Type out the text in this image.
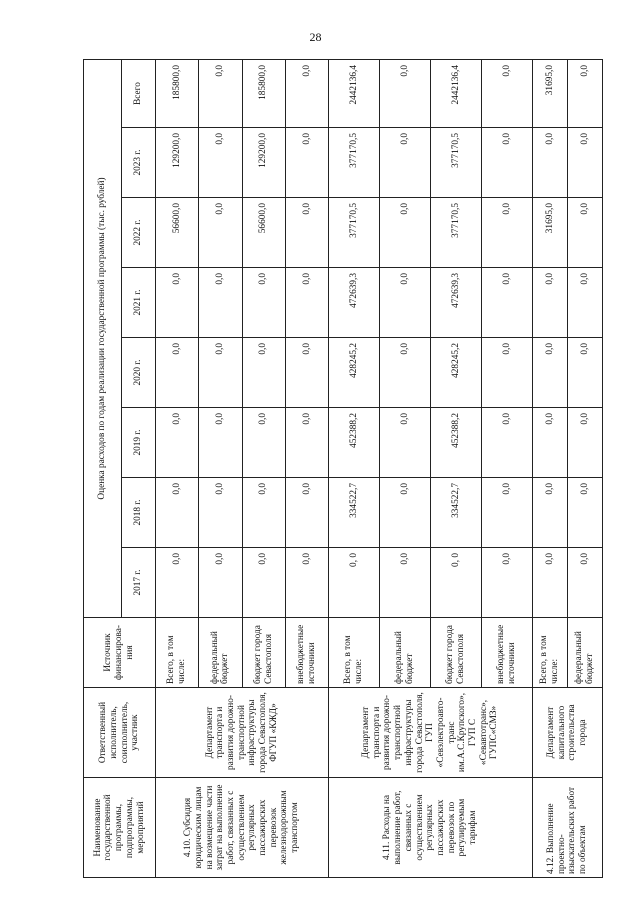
28
Наименование государственной программы, подпрограммы, мероприятий	Ответственный исполнитель, соисполнитель, участник	Источник финансирова-ния	Оценка расходов по годам реализации государственной программы (тыс. рублей)							
			2017 г.	2018 г.	2019 г.	2020 г.	2021 г.	2022 г.	2023 г.	Всего
4.10. Субсидия юридическим лицам на возмещение части затрат на выполнение работ, связанных с осуществлением регулярных пассажирских перевозок железнодорожным транспортом	Департамент транспорта и развития дорожно-транспортной инфраструктуры города Севастополя, ФГУП «КЖД»	Всего, в том числе:	0,0	0,0	0,0	0,0	0,0	56600,0	129200,0	185800,0
		федеральный бюджет	0,0	0,0	0,0	0,0	0,0	0,0	0,0	0,0
		бюджет города Севастополя	0,0	0,0	0,0	0,0	0,0	56600,0	129200,0	185800,0
		внебюджетные источники	0,0	0,0	0,0	0,0	0,0	0,0	0,0	0,0
4.11. Расходы на выполнение работ, связанных с осуществлением регулярных пассажирских перевозок по регулируемым тарифам	Департамент транспорта и развития дорожно-транспортной инфраструктуры города Севастополя, ГУП «Севэлектроавто-транс им.А.С.Крупского», ГУП С «Севавтотранс», ГУПС«СМЗ»	Всего, в том числе:	0, 0	334522,7	452388,2	428245,2	472639,3	377170,5	377170,5	2442136,4
		федеральный бюджет	0,0	0,0	0,0	0,0	0,0	0,0	0,0	0,0
		бюджет города Севастополя	0, 0	334522,7	452388,2	428245,2	472639,3	377170,5	377170,5	2442136,4
		внебюджетные источники	0,0	0,0	0,0	0,0	0,0	0,0	0,0	0,0
4.12. Выполнение проектно-изыскательских работ по объектам	Департамент капитального строительства города	Всего, в том числе:	0,0	0,0	0,0	0,0	0,0	31695,0	0,0	31695,0
		федеральный бюджет	0,0	0,0	0,0	0,0	0,0	0,0	0,0	0,0
